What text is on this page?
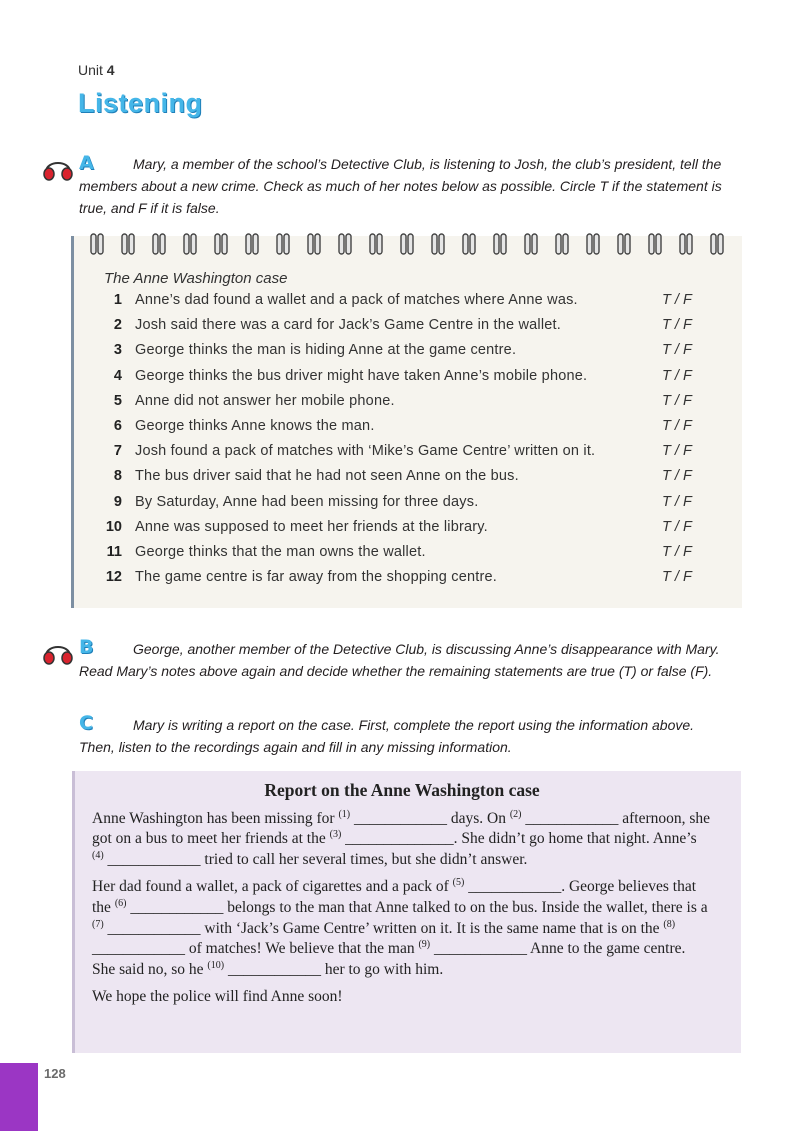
Unit 4
Listening
A	Mary, a member of the school’s Detective Club, is listening to Josh, the club’s president, tell the

members about a new crime. Check as much of her notes below as possible. Circle T if the statement is

true, and F if it is false.

The Anne Washington case
1 Anne’s dad found a wallet and a pack of matches where Anne was.	T / F
2 Josh said there was a card for Jack’s Game Centre in the wallet.	T / F
3 George thinks the man is hiding Anne at the game centre.	T / F
4 George thinks the bus driver might have taken Anne’s mobile phone.	T / F
5 Anne did not answer her mobile phone.	T / F
6 George thinks Anne knows the man.	T / F
7 Josh found a pack of matches with ‘Mike’s Game Centre’ written on it.	T / F
8 The bus driver said that he had not seen Anne on the bus.	T / F
9 By Saturday, Anne had been missing for three days.	T / F
10 Anne was supposed to meet her friends at the library.	T / F
11 George thinks that the man owns the wallet.	T / F
12 The game centre is far away from the shopping centre.	T / F
B	George, another member of the Detective Club, is discussing Anne’s disappearance with Mary.

Read Mary’s notes above again and decide whether the remaining statements are true (T) or false (F).

C	Mary is writing a report on the case. First, complete the report using the information above.

Then, listen to the recordings again and fill in any missing information.

Report on the Anne Washington case

Anne Washington has been missing for $^{(1)}$ ____________ days. On $^{(2)}$ ____________ afternoon, she got on a bus to meet her friends at the $^{(3)}$ ______________. She didn’t go home that night. Anne’s $^{(4)}$ ____________ tried to call her several times, but she didn’t answer.

Her dad found a wallet, a pack of cigarettes and a pack of $^{(5)}$ ____________. George believes that the $^{(6)}$ ____________ belongs to the man that Anne talked to on the bus. Inside the wallet, there is a $^{(7)}$ ____________ with ‘Jack’s Game Centre’ written on it. It is the same name that is on the $^{(8)}$ ____________ of matches! We believe that the man $^{(9)}$ ____________ Anne to the game centre. She said no, so he $^{(10)}$ ____________ her to go with him.

We hope the police will find Anne soon!

128
